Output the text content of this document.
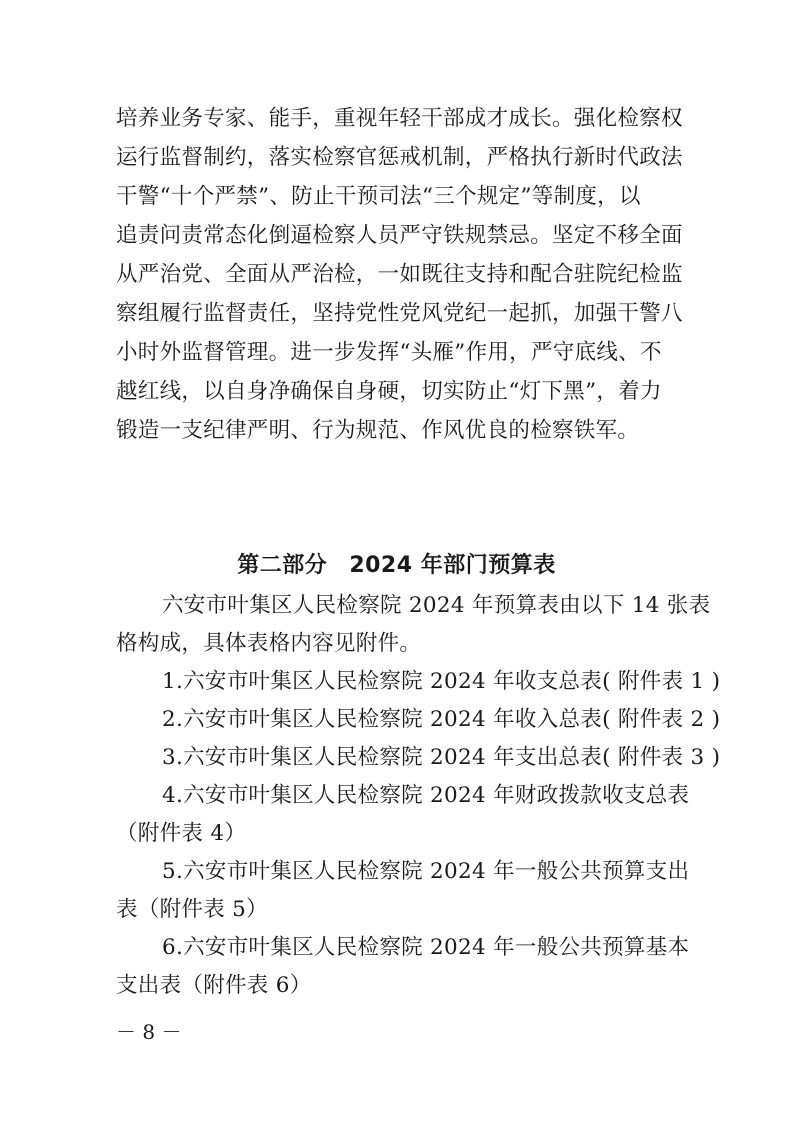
培养业务专家、能手，重视年轻干部成才成长。强化检察权
运行监督制约，落实检察官惩戒机制，严格执行新时代政法
干警“十个严禁”、防止干预司法“三个规定”等制度，以
追责问责常态化倒逼检察人员严守铁规禁忌。坚定不移全面
从严治党、全面从严治检，一如既往支持和配合驻院纪检监
察组履行监督责任，坚持党性党风党纪一起抓，加强干警八
小时外监督管理。进一步发挥“头雁”作用，严守底线、不
越红线，以自身净确保自身硬，切实防止“灯下黑”，着力
锻造一支纪律严明、行为规范、作风优良的检察铁军。
第二部分 2024 年部门预算表
六安市叶集区人民检察院 2024 年预算表由以下 14 张表
格构成，具体表格内容见附件。
1.六安市叶集区人民检察院 2024 年收支总表( 附件表 1 )
2.六安市叶集区人民检察院 2024 年收入总表( 附件表 2 )
3.六安市叶集区人民检察院 2024 年支出总表( 附件表 3 )
4.六安市叶集区人民检察院 2024 年财政拨款收支总表
（附件表 4）
5.六安市叶集区人民检察院 2024 年一般公共预算支出
表（附件表 5）
6.六安市叶集区人民检察院 2024 年一般公共预算基本
支出表（附件表 6）
－ 8 －
